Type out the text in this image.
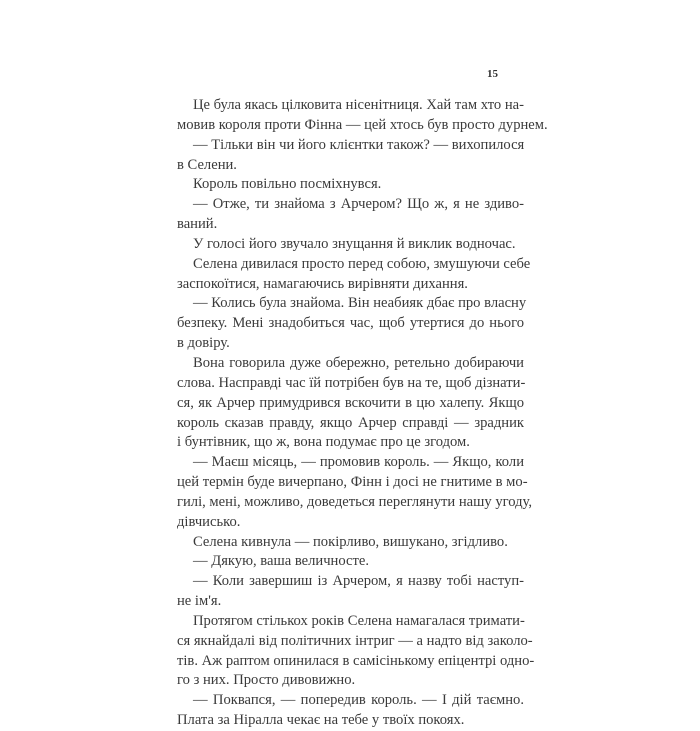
15
Це була якась цілковита нісенітниця. Хай там хто на-
мовив короля проти Фінна — цей хтось був просто дурнем.
— Тільки він чи його клієнтки також? — вихопилося
в Селени.
Король повільно посміхнувся.
— Отже, ти знайома з Арчером? Що ж, я не здиво-
ваний.
У голосі його звучало знущання й виклик водночас.
Селена дивилася просто перед собою, змушуючи себе
заспокоїтися, намагаючись вирівняти дихання.
— Колись була знайома. Він неабияк дбає про власну
безпеку. Мені знадобиться час, щоб утертися до нього
в довіру.
Вона говорила дуже обережно, ретельно добираючи
слова. Насправді час їй потрібен був на те, щоб дізнати-
ся, як Арчер примудрився вскочити в цю халепу. Якщо
король сказав правду, якщо Арчер справді — зрадник
і бунтівник, що ж, вона подумає про це згодом.
— Маєш місяць, — промовив король. — Якщо, коли
цей термін буде вичерпано, Фінн і досі не гнитиме в мо-
гилі, мені, можливо, доведеться переглянути нашу угоду,
дівчисько.
Селена кивнула — покірливо, вишукано, згідливо.
— Дякую, ваша величносте.
— Коли завершиш із Арчером, я назву тобі наступ-
не ім'я.
Протягом стількох років Селена намагалася тримати-
ся якнайдалі від політичних інтриг — а надто від заколо-
тів. Аж раптом опинилася в самісінькому епіцентрі одно-
го з них. Просто дивовижно.
— Поквапся, — попередив король. — І дій таємно.
Плата за Ніралла чекає на тебе у твоїх покоях.
